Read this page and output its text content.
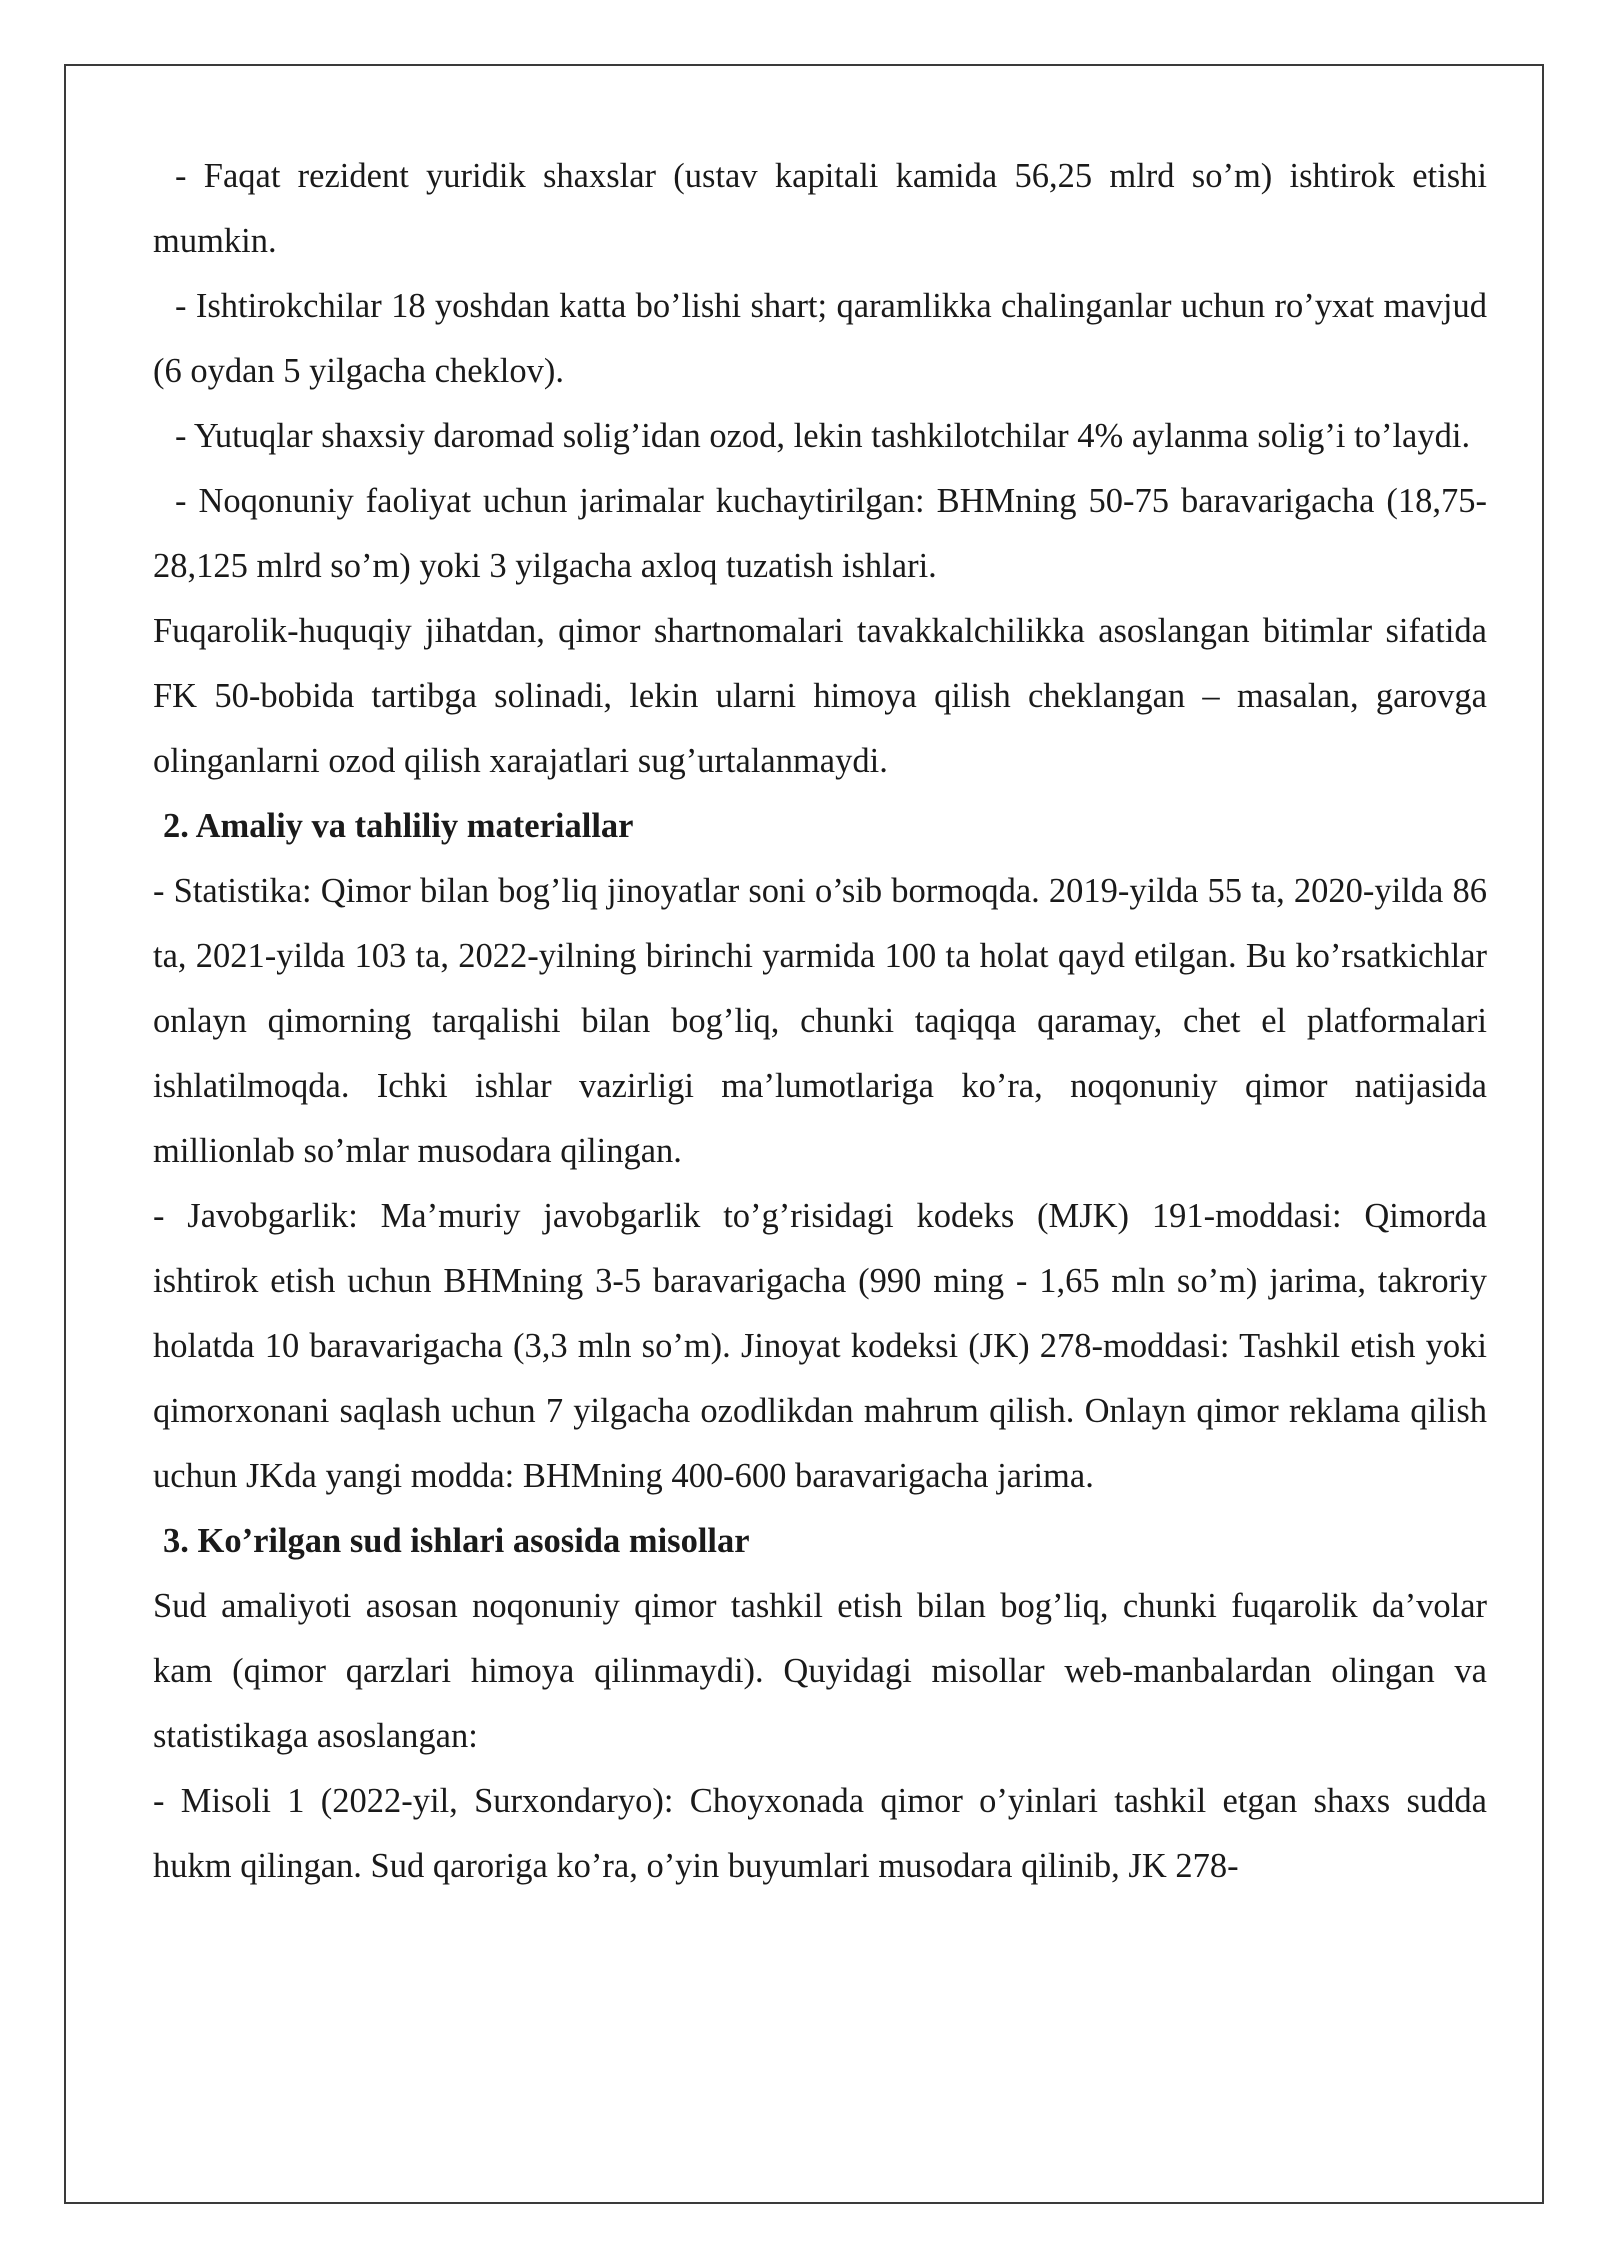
- Faqat rezident yuridik shaxslar (ustav kapitali kamida 56,25 mlrd so’m) ishtirok etishi mumkin.

- Ishtirokchilar 18 yoshdan katta bo’lishi shart; qaramlikka chalinganlar uchun ro’yxat mavjud (6 oydan 5 yilgacha cheklov).

- Yutuqlar shaxsiy daromad solig’idan ozod, lekin tashkilotchilar 4% aylanma solig’i to’laydi.

- Noqonuniy faoliyat uchun jarimalar kuchaytirilgan: BHMning 50-75 baravarigacha (18,75-28,125 mlrd so’m) yoki 3 yilgacha axloq tuzatish ishlari.

Fuqarolik-huquqiy jihatdan, qimor shartnomalari tavakkalchilikka asoslangan bitimlar sifatida FK 50-bobida tartibga solinadi, lekin ularni himoya qilish cheklangan – masalan, garovga olinganlarni ozod qilish xarajatlari sug’urtalanmaydi.

2. Amaliy va tahliliy materiallar

- Statistika: Qimor bilan bog’liq jinoyatlar soni o’sib bormoqda. 2019-yilda 55 ta, 2020-yilda 86 ta, 2021-yilda 103 ta, 2022-yilning birinchi yarmida 100 ta holat qayd etilgan. Bu ko’rsatkichlar onlayn qimorning tarqalishi bilan bog’liq, chunki taqiqqa qaramay, chet el platformalari ishlatilmoqda. Ichki ishlar vazirligi ma’lumotlariga ko’ra, noqonuniy qimor natijasida millionlab so’mlar musodara qilingan.

- Javobgarlik: Ma’muriy javobgarlik to’g’risidagi kodeks (MJK) 191-moddasi: Qimorda ishtirok etish uchun BHMning 3-5 baravarigacha (990 ming - 1,65 mln so’m) jarima, takroriy holatda 10 baravarigacha (3,3 mln so’m). Jinoyat kodeksi (JK) 278-moddasi: Tashkil etish yoki qimorxonani saqlash uchun 7 yilgacha ozodlikdan mahrum qilish. Onlayn qimor reklama qilish uchun JKda yangi modda: BHMning 400-600 baravarigacha jarima.

3. Ko’rilgan sud ishlari asosida misollar

Sud amaliyoti asosan noqonuniy qimor tashkil etish bilan bog’liq, chunki fuqarolik da’volar kam (qimor qarzlari himoya qilinmaydi). Quyidagi misollar web-manbalardan olingan va statistikaga asoslangan:

- Misoli 1 (2022-yil, Surxondaryo): Choyxonada qimor o’yinlari tashkil etgan shaxs sudda hukm qilingan. Sud qaroriga ko’ra, o’yin buyumlari musodara qilinib, JK 278-
